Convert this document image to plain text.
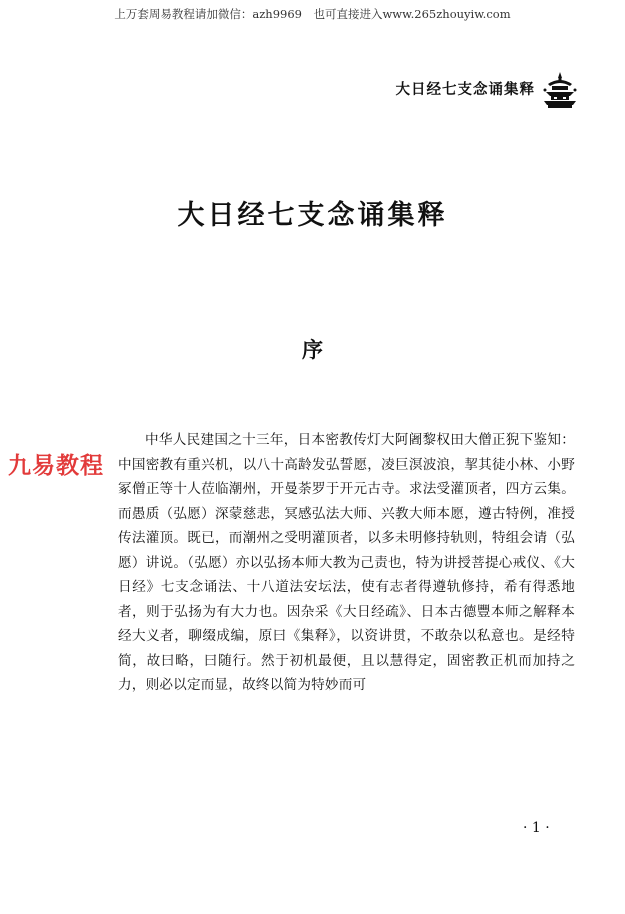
上万套周易教程请加微信：azh9969　也可直接进入www.265zhouyiw.com
大日经七支念诵集释
大日经七支念诵集释
序
九易教程

中华人民建国之十三年，日本密教传灯大阿阇黎权田大僧正猊下鉴知：中国密教有重兴机，以八十高龄发弘誓愿，凌巨溟波浪，挈其徒小林、小野冢僧正等十人莅临潮州，开曼荼罗于开元古寺。求法受灌顶者，四方云集。而愚质（弘愿）深蒙慈悲，冥感弘法大师、兴教大师本愿，遵古特例，准授传法灌顶。既已，而潮州之受明灌顶者，以多未明修持轨则，特组会请（弘愿）讲说。（弘愿）亦以弘扬本师大教为己责也，特为讲授菩提心戒仪、《大日经》七支念诵法、十八道法安坛法，使有志者得遵轨修持，希有得悉地者，则于弘扬为有大力也。因杂采《大日经疏》、日本古德豐本师之解释本经大义者，聊缀成编，原曰《集释》，以资讲贯，不敢杂以私意也。是经特简，故曰略，曰随行。然于初机最便，且以慧得定，固密教正机而加持之力，则必以定而显，故终以简为特妙而可

· 1 ·
